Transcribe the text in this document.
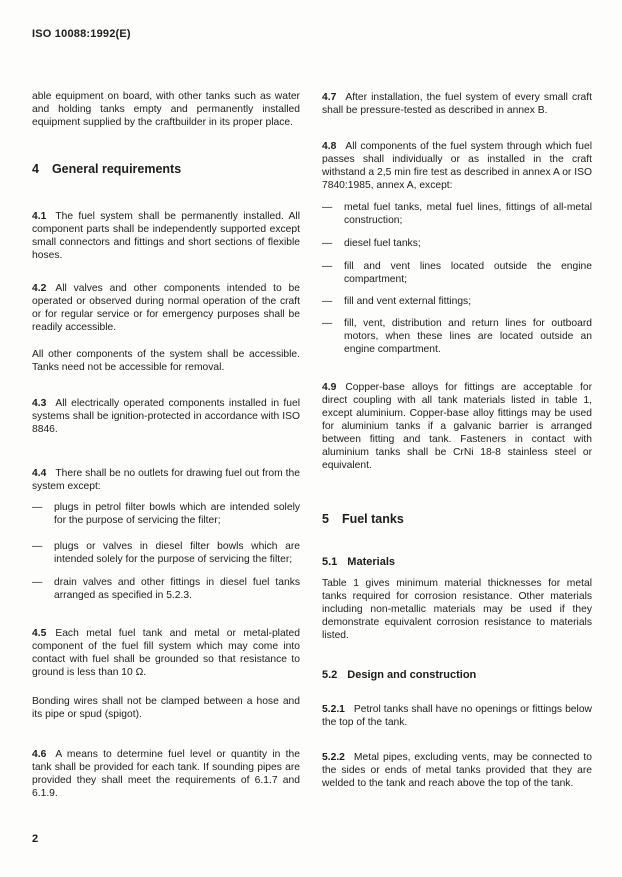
ISO 10088:1992(E)

able equipment on board, with other tanks such as water and holding tanks empty and permanently installed equipment supplied by the craftbuilder in its proper place.

4 General requirements

4.1 The fuel system shall be permanently installed. All component parts shall be independently supported except small connectors and fittings and short sections of flexible hoses.

4.2 All valves and other components intended to be operated or observed during normal operation of the craft or for regular service or for emergency purposes shall be readily accessible.

All other components of the system shall be accessible. Tanks need not be accessible for removal.

4.3 All electrically operated components installed in fuel systems shall be ignition-protected in accordance with ISO 8846.

4.4 There shall be no outlets for drawing fuel out from the system except:

— plugs in petrol filter bowls which are intended solely for the purpose of servicing the filter;
— plugs or valves in diesel filter bowls which are intended solely for the purpose of servicing the filter;
— drain valves and other fittings in diesel fuel tanks arranged as specified in 5.2.3.

4.5 Each metal fuel tank and metal or metal-plated component of the fuel fill system which may come into contact with fuel shall be grounded so that resistance to ground is less than 10 Ω.

Bonding wires shall not be clamped between a hose and its pipe or spud (spigot).

4.6 A means to determine fuel level or quantity in the tank shall be provided for each tank. If sounding pipes are provided they shall meet the requirements of 6.1.7 and 6.1.9.

4.7 After installation, the fuel system of every small craft shall be pressure-tested as described in annex B.

4.8 All components of the fuel system through which fuel passes shall individually or as installed in the craft withstand a 2,5 min fire test as described in annex A or ISO 7840:1985, annex A, except:

— metal fuel tanks, metal fuel lines, fittings of all-metal construction;
— diesel fuel tanks;
— fill and vent lines located outside the engine compartment;
— fill and vent external fittings;
— fill, vent, distribution and return lines for outboard motors, when these lines are located outside an engine compartment.

4.9 Copper-base alloys for fittings are acceptable for direct coupling with all tank materials listed in table 1, except aluminium. Copper-base alloy fittings may be used for aluminium tanks if a galvanic barrier is arranged between fitting and tank. Fasteners in contact with aluminium tanks shall be CrNi 18-8 stainless steel or equivalent.

5 Fuel tanks
5.1 Materials

Table 1 gives minimum material thicknesses for metal tanks required for corrosion resistance. Other materials including non-metallic materials may be used if they demonstrate equivalent corrosion resistance to materials listed.

5.2 Design and construction

5.2.1 Petrol tanks shall have no openings or fittings below the top of the tank.

5.2.2 Metal pipes, excluding vents, may be connected to the sides or ends of metal tanks provided that they are welded to the tank and reach above the top of the tank.

2
